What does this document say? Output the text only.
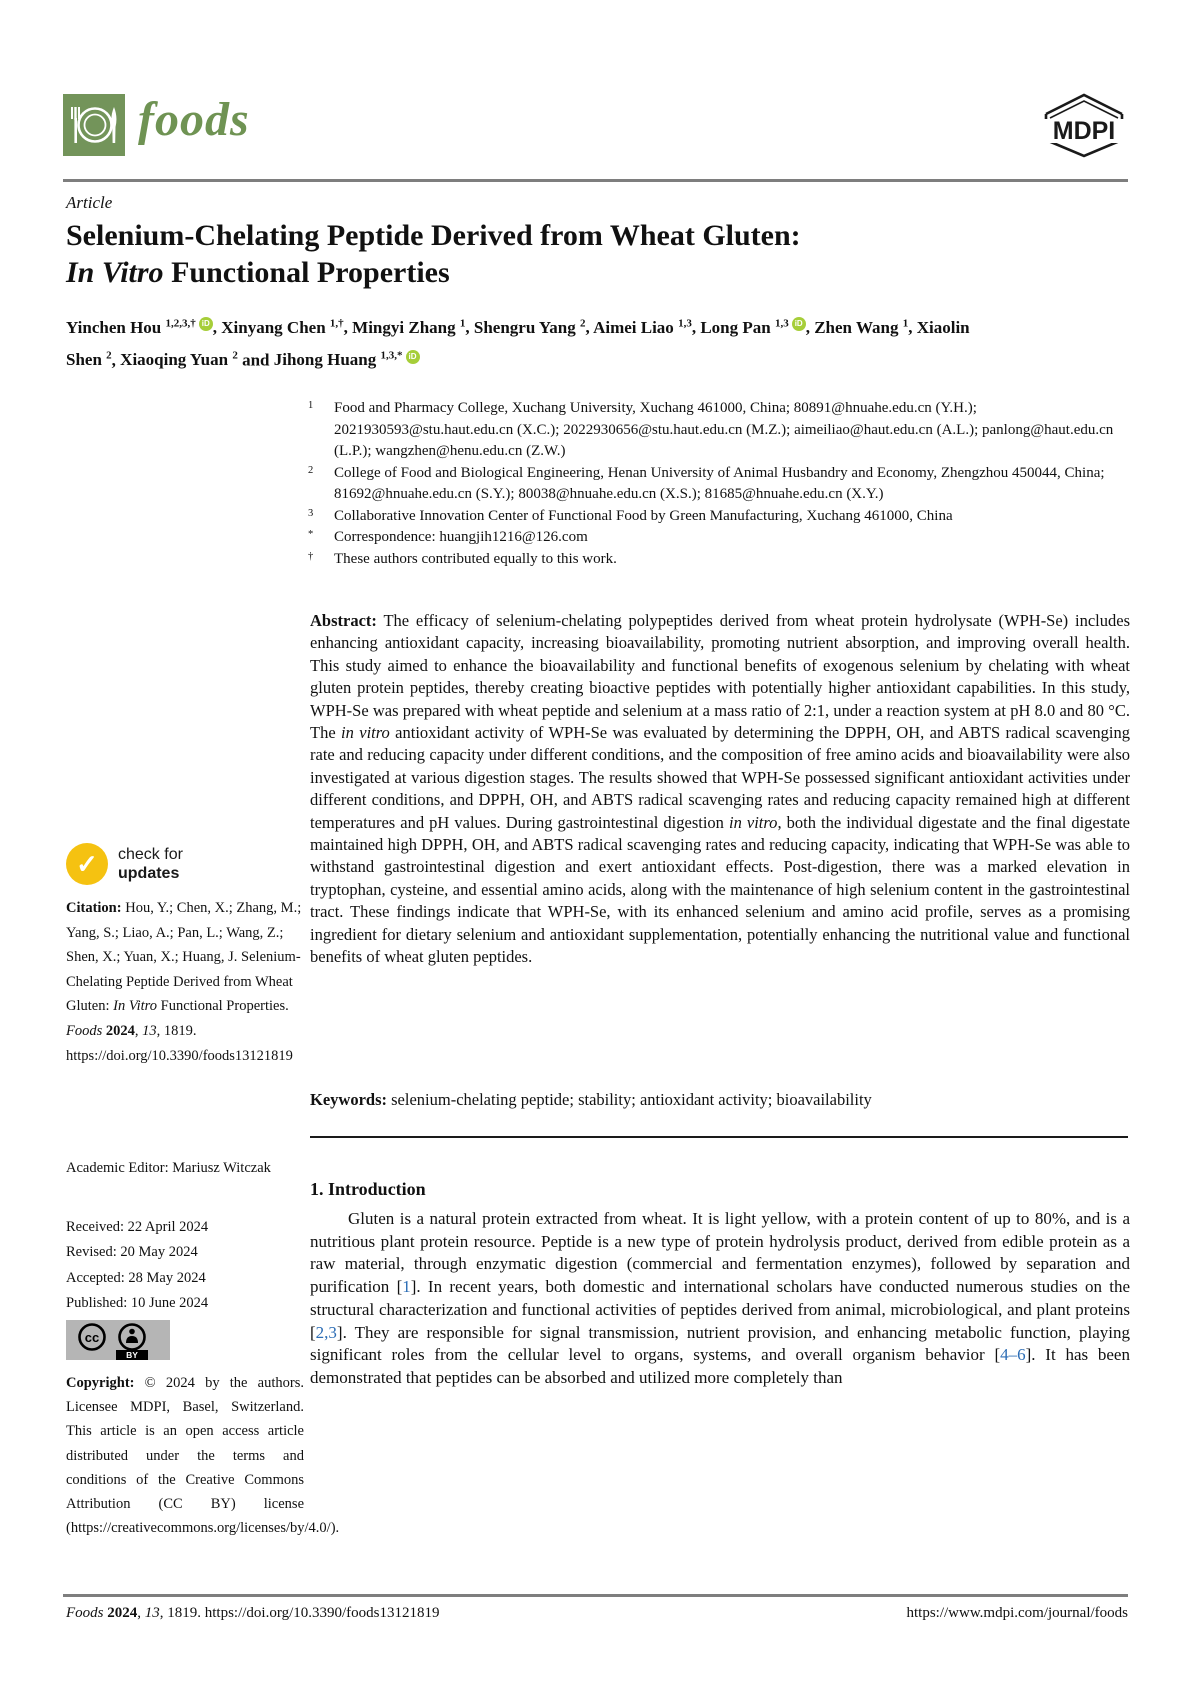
foods	MDPI
Article
Selenium-Chelating Peptide Derived from Wheat Gluten:
In Vitro Functional Properties
Yinchen Hou $^{1,2,3,\dagger}$ iD , Xinyang Chen $^{1,\dagger}$, Mingyi Zhang $^1$, Shengru Yang $^2$, Aimei Liao $^{1,3}$, Long Pan $^{1,3}$ iD , Zhen Wang $^1$, Xiaolin Shen $^2$, Xiaoqing Yuan $^2$ and Jihong Huang $^{1,3,*}$ iD
1	Food and Pharmacy College, Xuchang University, Xuchang 461000, China; 80891@hnuahe.edu.cn (Y.H.); 2021930593@stu.haut.edu.cn (X.C.); 2022930656@stu.haut.edu.cn (M.Z.); aimeiliao@haut.edu.cn (A.L.); panlong@haut.edu.cn (L.P.); wangzhen@henu.edu.cn (Z.W.)
2	College of Food and Biological Engineering, Henan University of Animal Husbandry and Economy, Zhengzhou 450044, China; 81692@hnuahe.edu.cn (S.Y.); 80038@hnuahe.edu.cn (X.S.); 81685@hnuahe.edu.cn (X.Y.)
3	Collaborative Innovation Center of Functional Food by Green Manufacturing, Xuchang 461000, China
*	Correspondence: huangjih1216@126.com
†	These authors contributed equally to this work.
Abstract: The efficacy of selenium-chelating polypeptides derived from wheat protein hydrolysate (WPH-Se) includes enhancing antioxidant capacity, increasing bioavailability, promoting nutrient absorption, and improving overall health. This study aimed to enhance the bioavailability and functional benefits of exogenous selenium by chelating with wheat gluten protein peptides, thereby creating bioactive peptides with potentially higher antioxidant capabilities. In this study, WPH-Se was prepared with wheat peptide and selenium at a mass ratio of 2:1, under a reaction system at pH 8.0 and 80 °C. The in vitro antioxidant activity of WPH-Se was evaluated by determining the DPPH, OH, and ABTS radical scavenging rate and reducing capacity under different conditions, and the composition of free amino acids and bioavailability were also investigated at various digestion stages. The results showed that WPH-Se possessed significant antioxidant activities under different conditions, and DPPH, OH, and ABTS radical scavenging rates and reducing capacity remained high at different temperatures and pH values. During gastrointestinal digestion in vitro, both the individual digestate and the final digestate maintained high DPPH, OH, and ABTS radical scavenging rates and reducing capacity, indicating that WPH-Se was able to withstand gastrointestinal digestion and exert antioxidant effects. Post-digestion, there was a marked elevation in tryptophan, cysteine, and essential amino acids, along with the maintenance of high selenium content in the gastrointestinal tract. These findings indicate that WPH-Se, with its enhanced selenium and amino acid profile, serves as a promising ingredient for dietary selenium and antioxidant supplementation, potentially enhancing the nutritional value and functional benefits of wheat gluten peptides.
Keywords: selenium-chelating peptide; stability; antioxidant activity; bioavailability
1. Introduction
Gluten is a natural protein extracted from wheat. It is light yellow, with a protein content of up to 80%, and is a nutritious plant protein resource. Peptide is a new type of protein hydrolysis product, derived from edible protein as a raw material, through enzymatic digestion (commercial and fermentation enzymes), followed by separation and purification [1]. In recent years, both domestic and international scholars have conducted numerous studies on the structural characterization and functional activities of peptides derived from animal, microbiological, and plant proteins [2,3]. They are responsible for signal transmission, nutrient provision, and enhancing metabolic function, playing significant roles from the cellular level to organs, systems, and overall organism behavior [4–6]. It has been demonstrated that peptides can be absorbed and utilized more completely than
✓	check for
updates
Citation: Hou, Y.; Chen, X.; Zhang, M.; Yang, S.; Liao, A.; Pan, L.; Wang, Z.; Shen, X.; Yuan, X.; Huang, J. Selenium-Chelating Peptide Derived from Wheat Gluten: In Vitro Functional Properties. Foods 2024, 13, 1819. https://doi.org/10.3390/foods13121819
Academic Editor: Mariusz Witczak
Received: 22 April 2024
Revised: 20 May 2024
Accepted: 28 May 2024
Published: 10 June 2024
cc
BY
Copyright: © 2024 by the authors. Licensee MDPI, Basel, Switzerland. This article is an open access article distributed under the terms and conditions of the Creative Commons Attribution (CC BY) license (https://creativecommons.org/licenses/by/4.0/).
Foods 2024, 13, 1819. https://doi.org/10.3390/foods13121819	https://www.mdpi.com/journal/foods
